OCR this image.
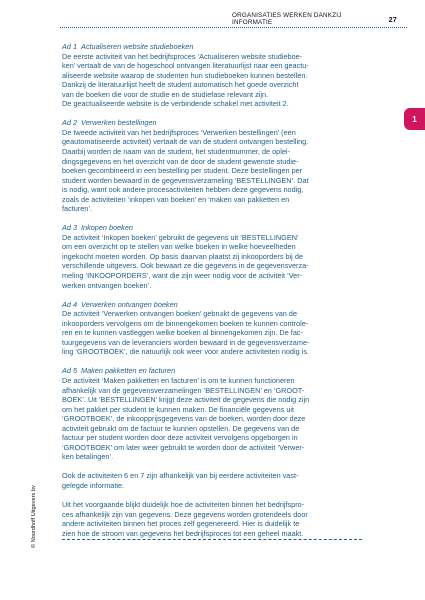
ORGANISATIES WERKEN DANKZIJ INFORMATIE	27
1
© Noordhoff Uitgevers bv
Ad 1 Actualiseren website studieboeken
De eerste activiteit van het bedrijfsproces ‘Actualiseren website studieboe-
ken’ vertaalt de van de hogeschool ontvangen literatuurlijst naar een geactu-
aliseerde website waarop de studenten hun studieboeken kunnen bestellen.
Dankzij de literatuurlijst heeft de student automatisch het goede overzicht
van de boeken die voor de studie en de studiefase relevant zijn.
De geactualiseerde website is de verbindende schakel met activiteit 2.
Ad 2 Verwerken bestellingen
De tweede activiteit van het bedrijfsproces ‘Verwerken bestellingen’ (een
geautomatiseerde activiteit) vertaalt de van de student ontvangen bestelling.
Daarbij worden de naam van de student, het studentnummer, de oplei-
dingsgegevens en het overzicht van de door de student gewenste studie-
boeken gecombineerd in een bestelling per student. Deze bestellingen per
student worden bewaard in de gegevensverzameling ‘BESTELLINGEN’. Dat
is nodig, want ook andere procesactiviteiten hebben deze gegevens nodig,
zoals de activiteiten ‘inkopen van boeken’ en ‘maken van pakketten en
facturen’.
Ad 3 Inkopen boeken
De activiteit ‘Inkopen boeken’ gebruikt de gegevens uit ‘BESTELLINGEN’
om een overzicht op te stellen van welke boeken in welke hoeveelheden
ingekocht moeten worden. Op basis daarvan plaatst zij inkooporders bij de
verschillende uitgevers. Ook bewaart ze die gegevens in de gegevensverza-
meling ‘INKOOPORDERS’, want die zijn weer nodig voor de activiteit ‘Ver-
werken ontvangen boeken’.
Ad 4 Verwerken ontvangen boeken
De activiteit ‘Verwerken ontvangen boeken’ gebruikt de gegevens van de
inkooporders vervolgens om de binnengekomen boeken te kunnen controle-
ren en te kunnen vastleggen welke boeken al binnengekomen zijn. De fac-
tuurgegevens van de leveranciers worden bewaard in de gegevensverzame-
ling ‘GROOTBOEK’, die natuurlijk ook weer voor andere activiteiten nodig is.
Ad 5 Maken pakketten en facturen
De activiteit ‘Maken pakketten en facturen’ is om te kunnen functioneren
afhankelijk van de gegevensverzamelingen ‘BESTELLINGEN’ en ‘GROOT-
BOEK’. Uit ‘BESTELLINGEN’ krijgt deze activiteit de gegevens die nodig zijn
om het pakket per student te kunnen maken. De financiële gegevens uit
‘GROOTBOEK’, de inkoopprijsgegevens van de boeken, worden door deze
activiteit gebruikt om de factuur te kunnen opstellen. De gegevens van de
factuur per student worden door deze activiteit vervolgens opgeborgen in
‘GROOTBOEK’ om later weer gebruikt te worden door de activiteit ‘Verwer-
ken betalingen’.
Ook de activiteiten 6 en 7 zijn afhankelijk van bij eerdere activiteiten vast-
gelegde informatie.
Uit het voorgaande blijkt duidelijk hoe de activiteiten binnen het bedrijfspro-
ces afhankelijk zijn van gegevens. Deze gegevens worden grotendeels door
andere activiteiten binnen het proces zelf gegenereerd. Hier is duidelijk te
zien hoe de stroom van gegevens het bedrijfsproces tot een geheel maakt.
